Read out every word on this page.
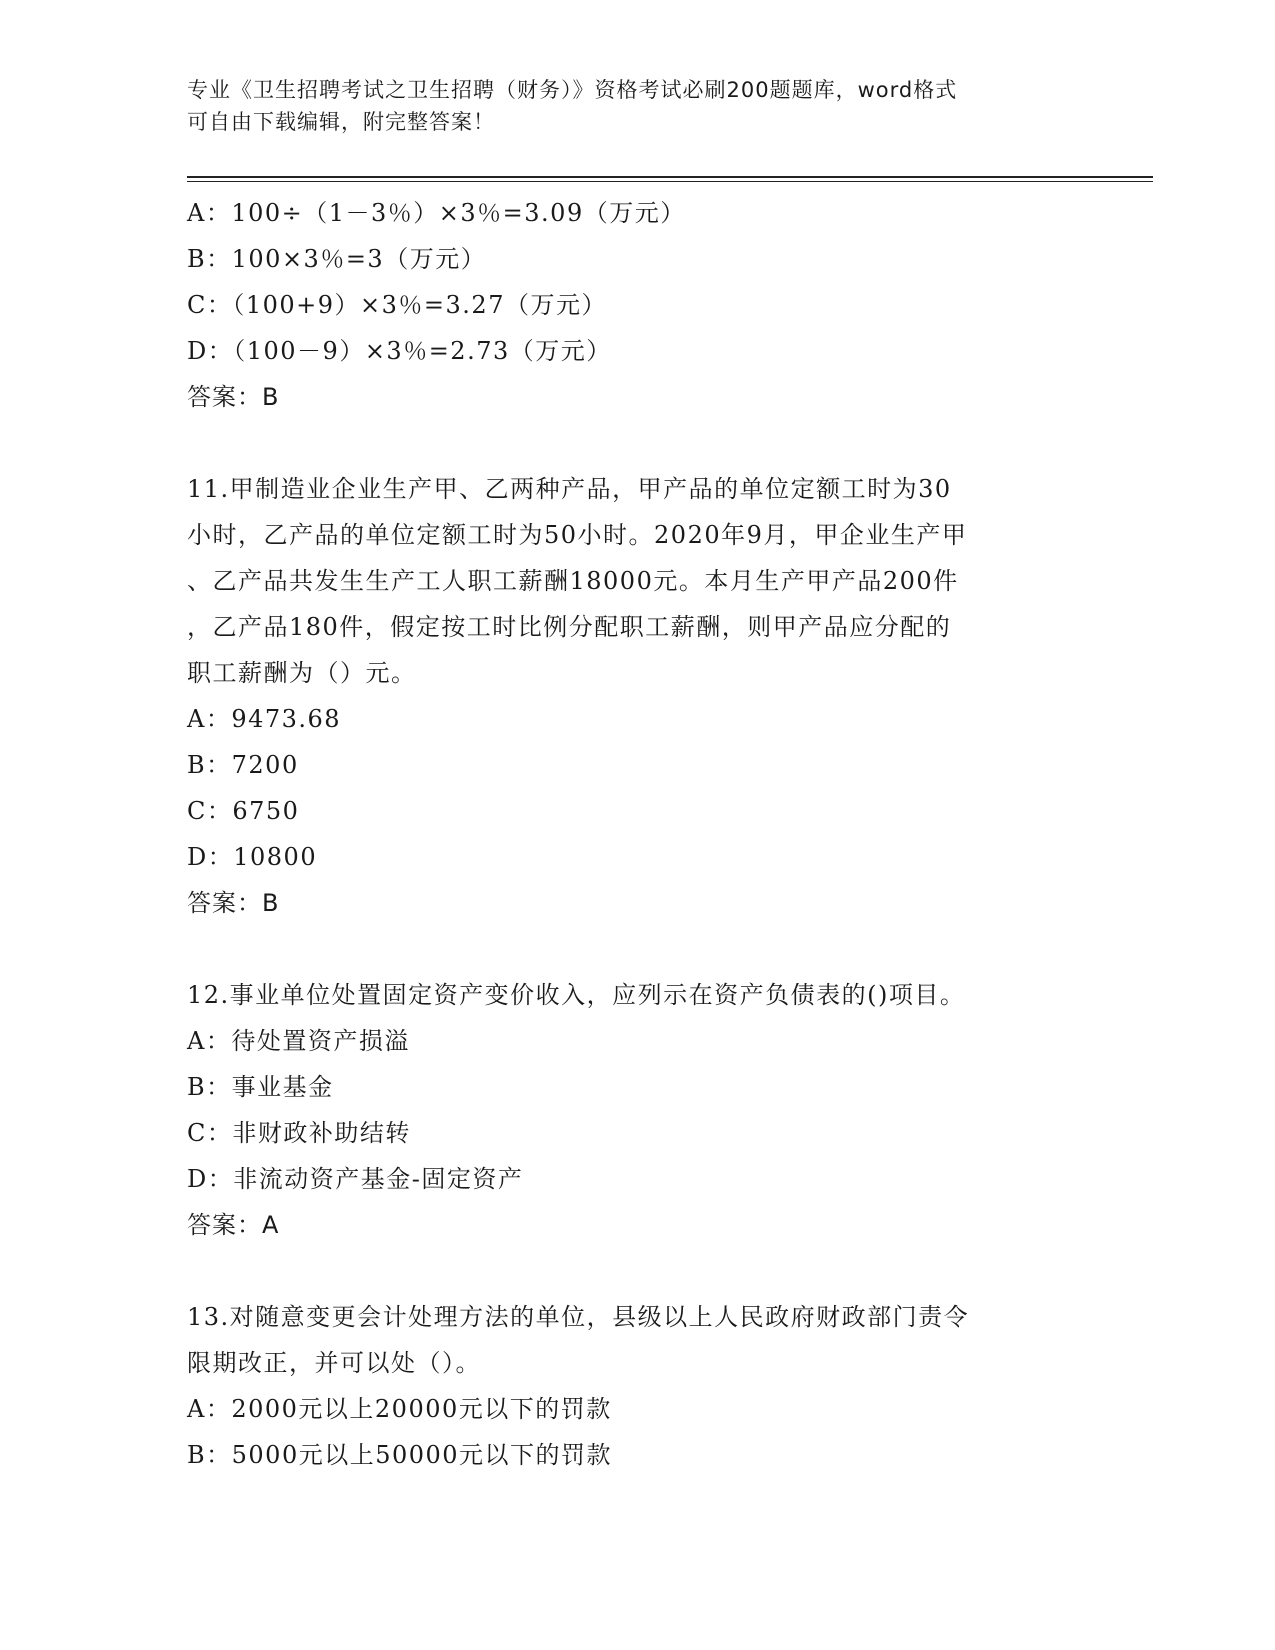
专业《卫生招聘考试之卫生招聘（财务）》资格考试必刷200题题库，word格式
可自由下载编辑，附完整答案！
A：100÷（1－3％）×3％=3.09（万元）
B：100×3％=3（万元）
C：（100+9）×3％=3.27（万元）
D：（100－9）×3％=2.73（万元）
答案：B
11.甲制造业企业生产甲、乙两种产品，甲产品的单位定额工时为30
小时，乙产品的单位定额工时为50小时。2020年9月，甲企业生产甲
、乙产品共发生生产工人职工薪酬18000元。本月生产甲产品200件
，乙产品180件，假定按工时比例分配职工薪酬，则甲产品应分配的
职工薪酬为（）元。
A：9473.68
B：7200
C：6750
D：10800
答案：B
12.事业单位处置固定资产变价收入，应列示在资产负债表的()项目。
A：待处置资产损溢
B：事业基金
C：非财政补助结转
D：非流动资产基金-固定资产
答案：A
13.对随意变更会计处理方法的单位，县级以上人民政府财政部门责令
限期改正，并可以处（）。
A：2000元以上20000元以下的罚款
B：5000元以上50000元以下的罚款
